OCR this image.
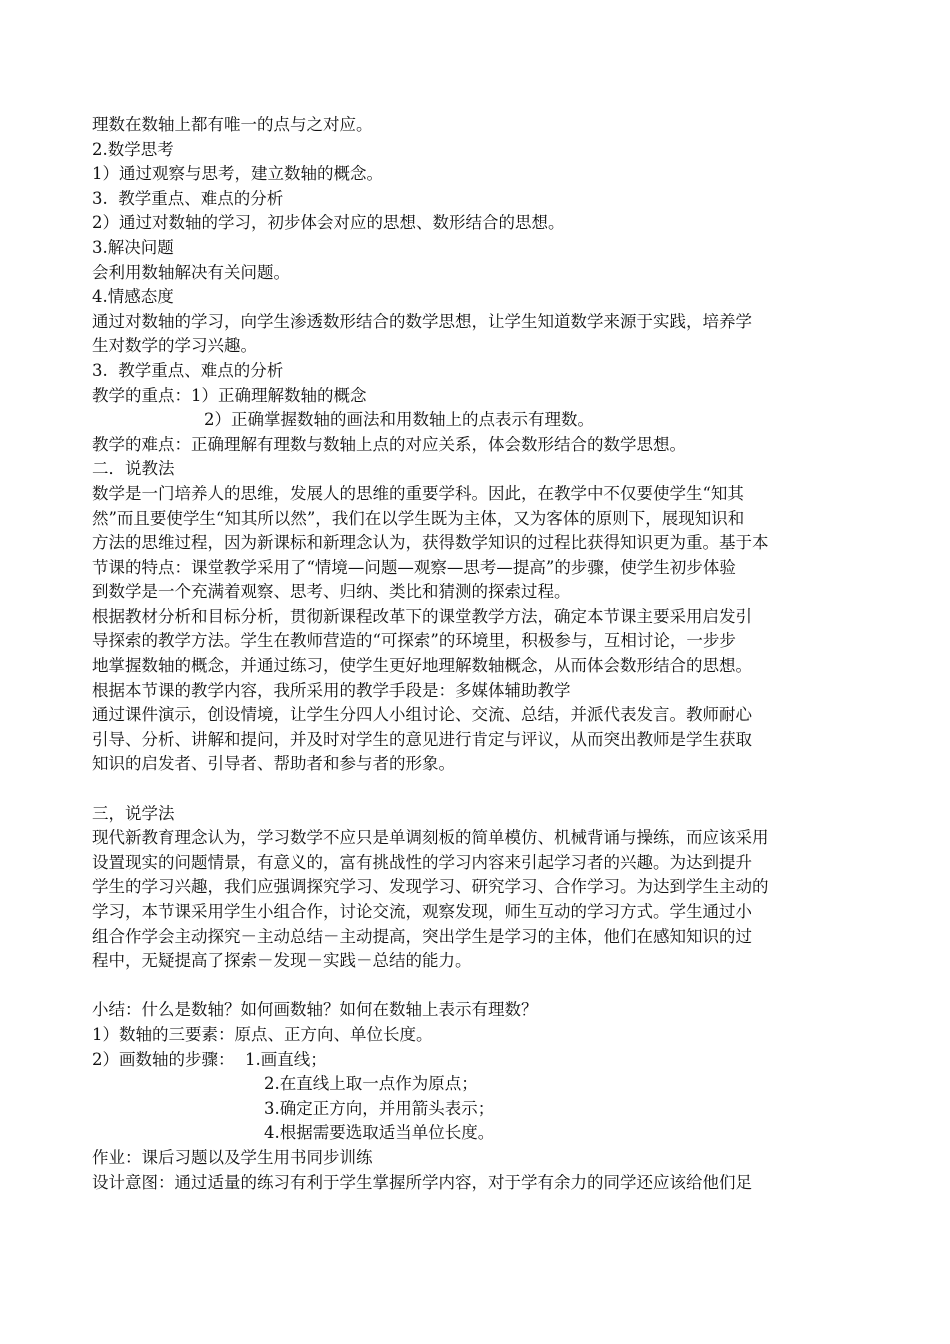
理数在数轴上都有唯一的点与之对应。
2.数学思考
1）通过观察与思考，建立数轴的概念。
3.  教学重点、难点的分析
2）通过对数轴的学习，初步体会对应的思想、数形结合的思想。
3.解决问题
会利用数轴解决有关问题。
4.情感态度
通过对数轴的学习，向学生渗透数形结合的数学思想，让学生知道数学来源于实践，培养学
生对数学的学习兴趣。
3.  教学重点、难点的分析
教学的重点：1）正确理解数轴的概念
2）正确掌握数轴的画法和用数轴上的点表示有理数。
教学的难点：正确理解有理数与数轴上点的对应关系，体会数形结合的数学思想。
二．说教法
数学是一门培养人的思维，发展人的思维的重要学科。因此，在教学中不仅要使学生“知其
然”而且要使学生“知其所以然”，我们在以学生既为主体，又为客体的原则下，展现知识和
方法的思维过程，因为新课标和新理念认为，获得数学知识的过程比获得知识更为重。基于本
节课的特点：课堂教学采用了“情境—问题—观察—思考—提高”的步骤，使学生初步体验
到数学是一个充满着观察、思考、归纳、类比和猜测的探索过程。
根据教材分析和目标分析，贯彻新课程改革下的课堂教学方法，确定本节课主要采用启发引
导探索的教学方法。学生在教师营造的“可探索”的环境里，积极参与，互相讨论，一步步
地掌握数轴的概念，并通过练习，使学生更好地理解数轴概念，从而体会数形结合的思想。
根据本节课的教学内容，我所采用的教学手段是：多媒体辅助教学
通过课件演示，创设情境，让学生分四人小组讨论、交流、总结，并派代表发言。教师耐心
引导、分析、讲解和提问，并及时对学生的意见进行肯定与评议，从而突出教师是学生获取
知识的启发者、引导者、帮助者和参与者的形象。
三，说学法
现代新教育理念认为，学习数学不应只是单调刻板的简单模仿、机械背诵与操练，而应该采用
设置现实的问题情景，有意义的，富有挑战性的学习内容来引起学习者的兴趣。为达到提升
学生的学习兴趣，我们应强调探究学习、发现学习、研究学习、合作学习。为达到学生主动的
学习，本节课采用学生小组合作，讨论交流，观察发现，师生互动的学习方式。学生通过小
组合作学会主动探究－主动总结－主动提高，突出学生是学习的主体，他们在感知知识的过
程中，无疑提高了探索－发现－实践－总结的能力。
小结：什么是数轴？如何画数轴？如何在数轴上表示有理数？
1）数轴的三要素：原点、正方向、单位长度。
2）画数轴的步骤：  1.画直线；
2.在直线上取一点作为原点；
3.确定正方向，并用箭头表示；
4.根据需要选取适当单位长度。
作业：课后习题以及学生用书同步训练
设计意图：通过适量的练习有利于学生掌握所学内容，对于学有余力的同学还应该给他们足
